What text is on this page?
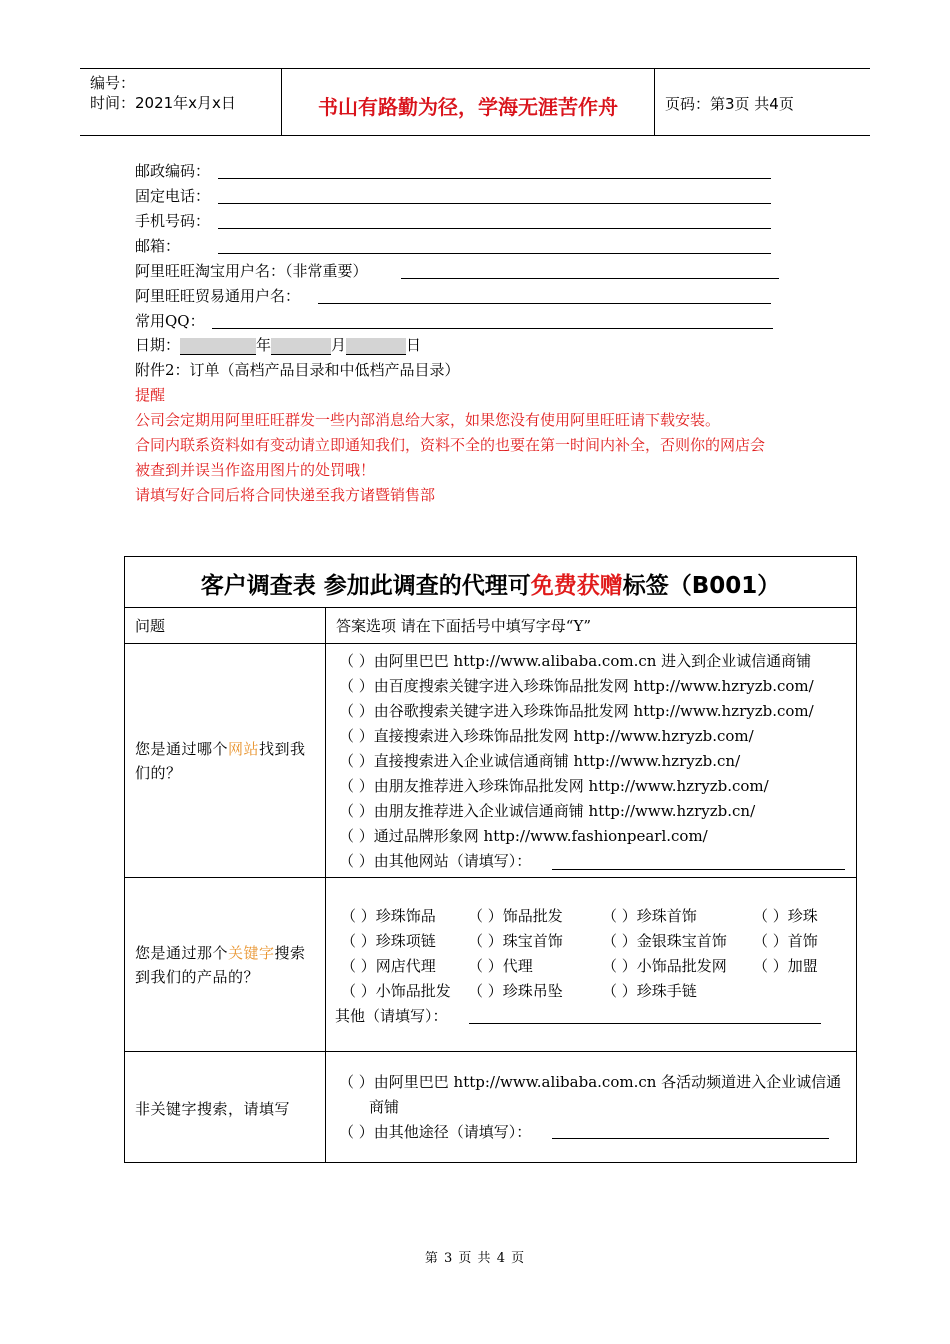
编号：
时间：2021年x月x日	书山有路勤为径，学海无涯苦作舟	页码：第3页 共4页
邮政编码：
固定电话：
手机号码：
邮箱：
阿里旺旺淘宝用户名：（非常重要）
阿里旺旺贸易通用户名：
常用QQ：
日期：	年	月	日
附件2：订单（高档产品目录和中低档产品目录）
提醒
公司会定期用阿里旺旺群发一些内部消息给大家，如果您没有使用阿里旺旺请下载安装。
合同内联系资料如有变动请立即通知我们，资料不全的也要在第一时间内补全，否则你的网店会
被查到并误当作盗用图片的处罚哦！
请填写好合同后将合同快递至我方诸暨销售部
客户调查表 参加此调查的代理可免费获赠标签（B001）
问题	答案选项 请在下面括号中填写字母“Y”
您是通过哪个网站找到我们的？
（ ）由阿里巴巴 http://www.alibaba.com.cn 进入到企业诚信通商铺
（ ）由百度搜索关键字进入珍珠饰品批发网 http://www.hzryzb.com/
（ ）由谷歌搜索关键字进入珍珠饰品批发网 http://www.hzryzb.com/
（ ）直接搜索进入珍珠饰品批发网 http://www.hzryzb.com/
（ ）直接搜索进入企业诚信通商铺 http://www.hzryzb.cn/
（ ）由朋友推荐进入珍珠饰品批发网 http://www.hzryzb.com/
（ ）由朋友推荐进入企业诚信通商铺 http://www.hzryzb.cn/
（ ）通过品牌形象网 http://www.fashionpearl.com/
（ ）由其他网站（请填写）：
您是通过那个关键字搜索到我们的产品的？
（ ）珍珠饰品 （ ）饰品批发	（ ）珍珠首饰	（ ）珍珠
（ ）珍珠项链 （ ）珠宝首饰	（ ）金银珠宝首饰 （ ）首饰
（ ）网店代理 （ ）代理	（ ）小饰品批发网 （ ）加盟
（ ）小饰品批发 （ ）珍珠吊坠	（ ）珍珠手链
其他（请填写）：
非关键字搜索，请填写
（ ）由阿里巴巴 http://www.alibaba.com.cn 各活动频道进入企业诚信通
商铺
（ ）由其他途径（请填写）：
第 3 页 共 4 页
